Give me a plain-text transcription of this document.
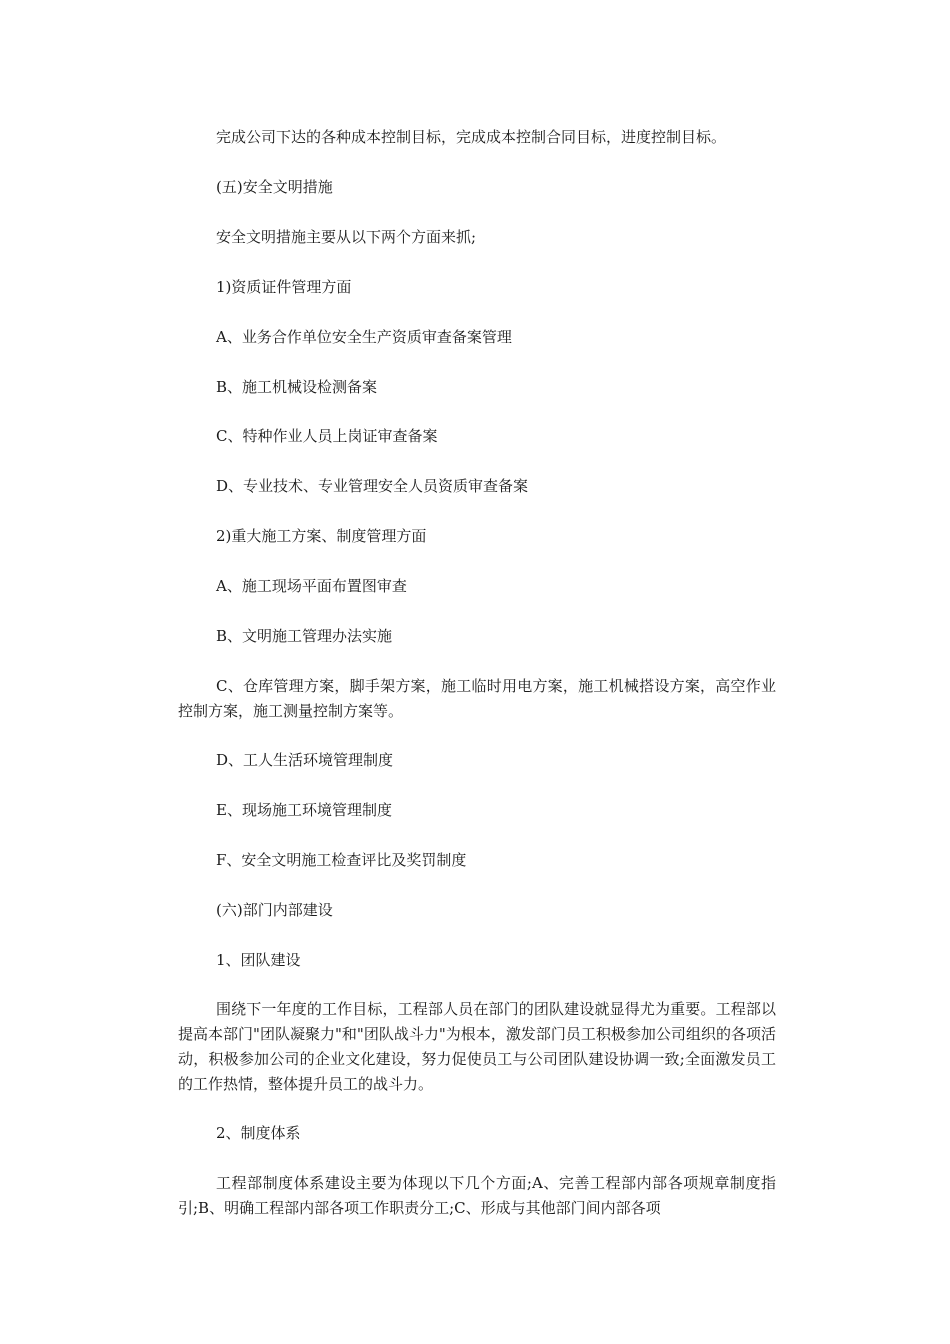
完成公司下达的各种成本控制目标，完成成本控制合同目标，进度控制目标。

(五)安全文明措施

安全文明措施主要从以下两个方面来抓;

1)资质证件管理方面

A、业务合作单位安全生产资质审查备案管理

B、施工机械设检测备案

C、特种作业人员上岗证审查备案

D、专业技术、专业管理安全人员资质审查备案

2)重大施工方案、制度管理方面

A、施工现场平面布置图审查

B、文明施工管理办法实施

C、仓库管理方案，脚手架方案，施工临时用电方案，施工机械搭设方案，高空作业控制方案，施工测量控制方案等。

D、工人生活环境管理制度

E、现场施工环境管理制度

F、安全文明施工检查评比及奖罚制度

(六)部门内部建设

1、团队建设

围绕下一年度的工作目标，工程部人员在部门的团队建设就显得尤为重要。工程部以提高本部门"团队凝聚力"和"团队战斗力"为根本，激发部门员工积极参加公司组织的各项活动，积极参加公司的企业文化建设，努力促使员工与公司团队建设协调一致;全面激发员工的工作热情，整体提升员工的战斗力。

2、制度体系

工程部制度体系建设主要为体现以下几个方面;A、完善工程部内部各项规章制度指引;B、明确工程部内部各项工作职责分工;C、形成与其他部门间内部各项
